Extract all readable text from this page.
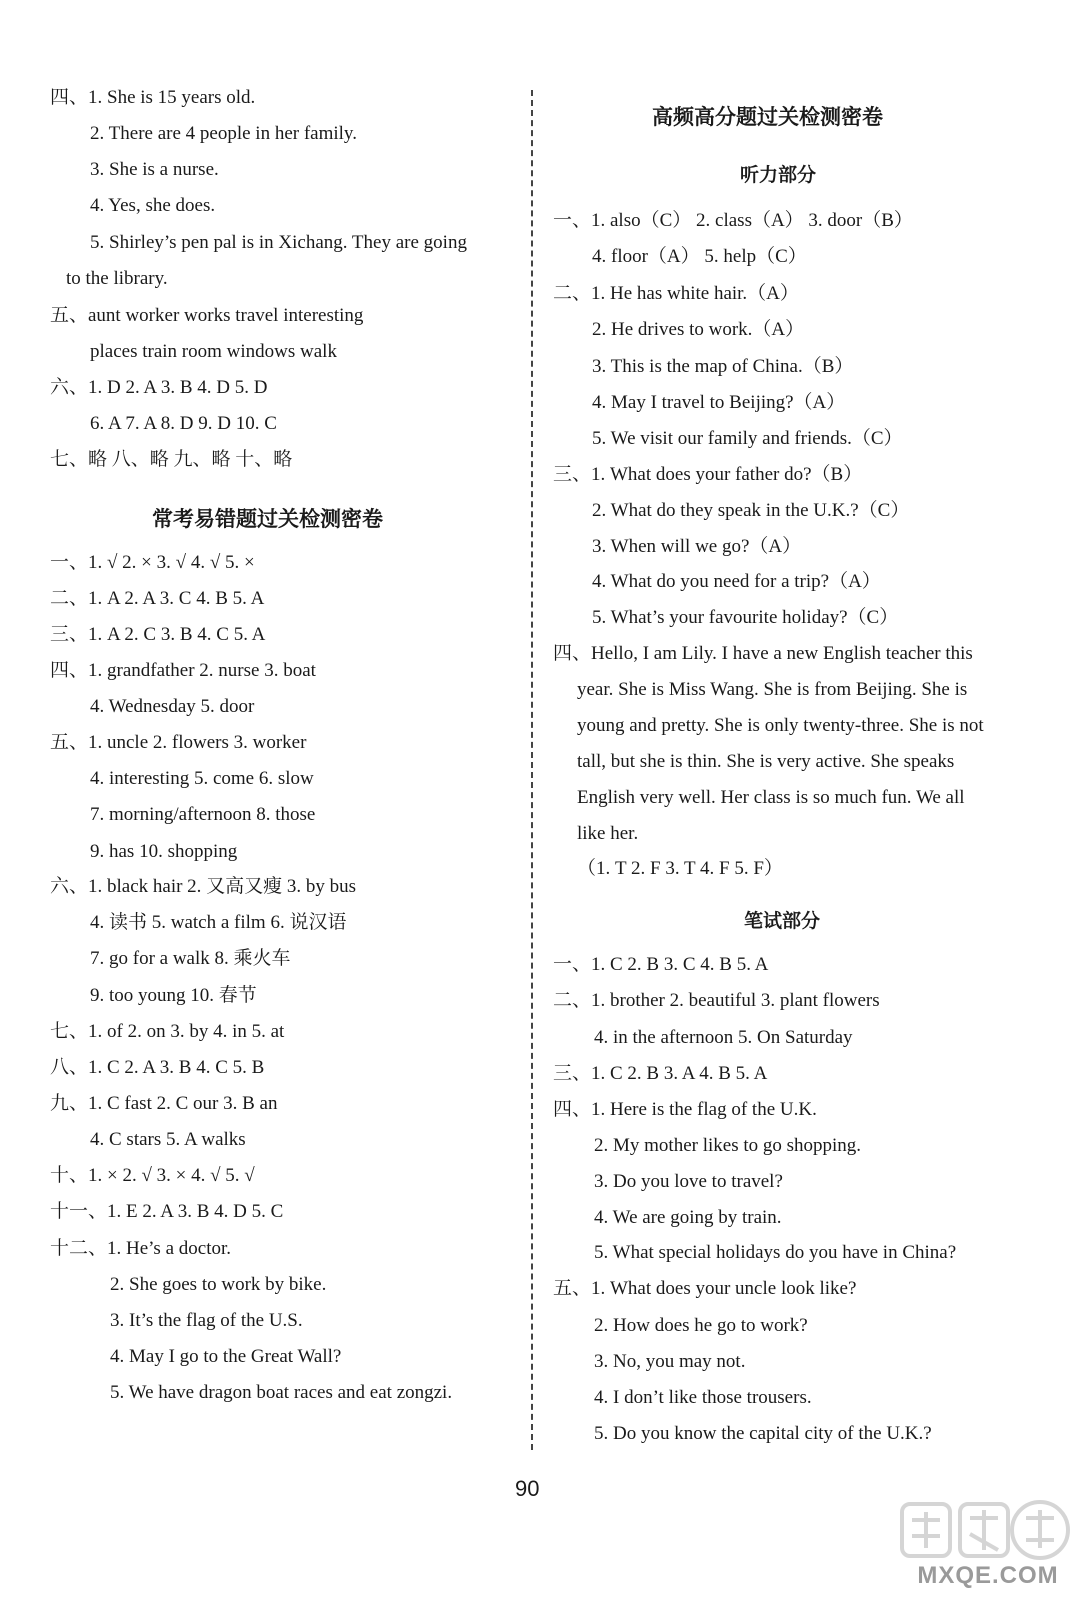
四、1. She is 15 years old.
2. There are 4 people in her family.
3. She is a nurse.
4. Yes, she does.
5. Shirley’s pen pal is in Xichang. They are going
to the library.
五、aunt worker works travel interesting
places train room windows walk
六、1. D 2. A 3. B 4. D 5. D
6. A 7. A 8. D 9. D 10. C
七、略 八、略 九、略 十、略
常考易错题过关检测密卷
一、1. √ 2. × 3. √ 4. √ 5. ×
二、1. A 2. A 3. C 4. B 5. A
三、1. A 2. C 3. B 4. C 5. A
四、1. grandfather 2. nurse 3. boat
4. Wednesday 5. door
五、1. uncle 2. flowers 3. worker
4. interesting 5. come 6. slow
7. morning/afternoon 8. those
9. has 10. shopping
六、1. black hair 2. 又高又瘦 3. by bus
4. 读书 5. watch a film 6. 说汉语
7. go for a walk 8. 乘火车
9. too young 10. 春节
七、1. of 2. on 3. by 4. in 5. at
八、1. C 2. A 3. B 4. C 5. B
九、1. C fast 2. C our 3. B an
4. C stars 5. A walks
十、1. × 2. √ 3. × 4. √ 5. √
十一、1. E 2. A 3. B 4. D 5. C
十二、1. He’s a doctor.
2. She goes to work by bike.
3. It’s the flag of the U.S.
4. May I go to the Great Wall?
5. We have dragon boat races and eat zongzi.
高频高分题过关检测密卷
听力部分
一、1. also（C） 2. class（A） 3. door（B）
4. floor（A） 5. help（C）
二、1. He has white hair.（A）
2. He drives to work.（A）
3. This is the map of China.（B）
4. May I travel to Beijing?（A）
5. We visit our family and friends.（C）
三、1. What does your father do?（B）
2. What do they speak in the U.K.?（C）
3. When will we go?（A）
4. What do you need for a trip?（A）
5. What’s your favourite holiday?（C）
四、Hello, I am Lily. I have a new English teacher this
year. She is Miss Wang. She is from Beijing. She is
young and pretty. She is only twenty-three. She is not
tall, but she is thin. She is very active. She speaks
English very well. Her class is so much fun. We all
like her.
（1. T 2. F 3. T 4. F 5. F）
笔试部分
一、1. C 2. B 3. C 4. B 5. A
二、1. brother 2. beautiful 3. plant flowers
4. in the afternoon 5. On Saturday
三、1. C 2. B 3. A 4. B 5. A
四、1. Here is the flag of the U.K.
2. My mother likes to go shopping.
3. Do you love to travel?
4. We are going by train.
5. What special holidays do you have in China?
五、1. What does your uncle look like?
2. How does he go to work?
3. No, you may not.
4. I don’t like those trousers.
5. Do you know the capital city of the U.K.?
90
MXQE.COM
